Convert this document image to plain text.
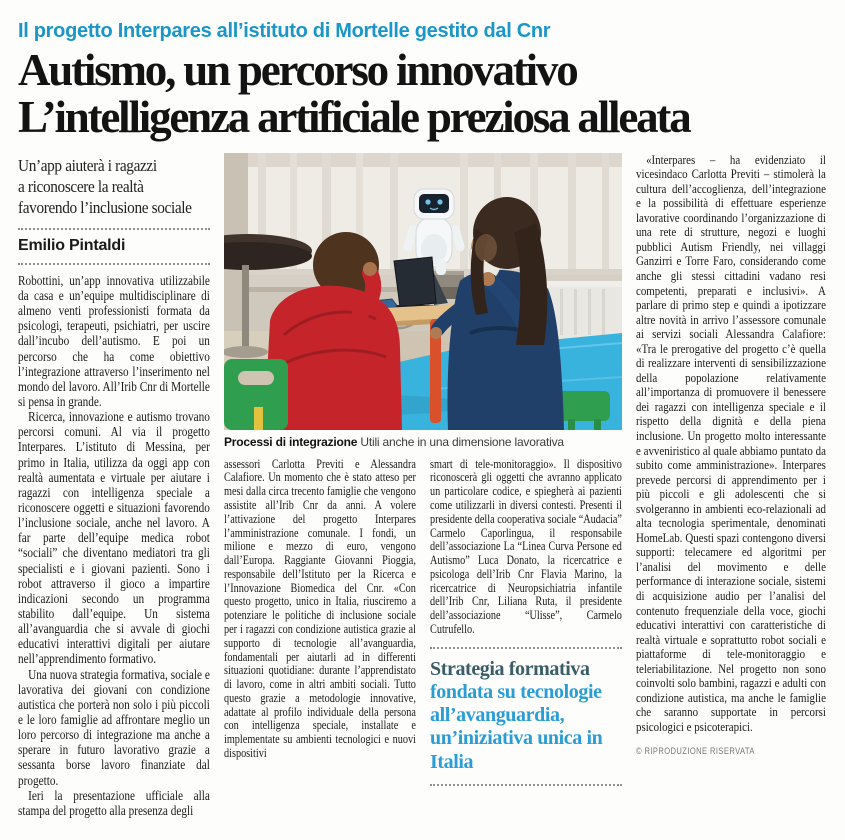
Il progetto Interpares all’istituto di Mortelle gestito dal Cnr
Autismo, un percorso innovativo
L’intelligenza artificiale preziosa alleata
Un’app aiuterà i ragazzi
a riconoscere la realtà
favorendo l’inclusione sociale
Emilio Pintaldi

Robottini, un’app innovativa utilizzabile da casa e un’equipe multidisciplinare di almeno venti professionisti formata da psicologi, terapeuti, psichiatri, per uscire dall’incubo dell’autismo. E poi un percorso che ha come obiettivo l’integrazione attraverso l’inserimento nel mondo del lavoro. All’Irib Cnr di Mortelle si pensa in grande.

Ricerca, innovazione e autismo trovano percorsi comuni. Al via il progetto Interpares. L’istituto di Messina, per primo in Italia, utilizza da oggi app con realtà aumentata e virtuale per aiutare i ragazzi con intelligenza speciale a riconoscere oggetti e situazioni favorendo l’inclusione sociale, anche nel lavoro. A far parte dell’equipe medica robot “sociali” che diventano mediatori tra gli specialisti e i giovani pazienti. Sono i robot attraverso il gioco a impartire indicazioni secondo un programma stabilito dall’equipe. Un sistema all’avanguardia che si avvale di giochi educativi interattivi digitali per aiutare nell’apprendimento formativo.

Una nuova strategia formativa, sociale e lavorativa dei giovani con condizione autistica che porterà non solo i più piccoli e le loro famiglie ad affrontare meglio un loro percorso di integrazione ma anche a sperare in futuro lavorativo grazie a sessanta borse lavoro finanziate dal progetto.

Ieri la presentazione ufficiale alla stampa del progetto alla presenza degli

Processi di integrazione Utili anche in una dimensione lavorativa

assessori Carlotta Previti e Alessandra Calafiore. Un momento che è stato atteso per mesi dalla circa trecento famiglie che vengono assistite all’Irib Cnr da anni. A volere l’attivazione del progetto Interpares l’amministrazione comunale. I fondi, un milione e mezzo di euro, vengono dall’Europa. Raggiante Giovanni Pioggia, responsabile dell’Istituto per la Ricerca e l’Innovazione Biomedica del Cnr. «Con questo progetto, unico in Italia, riusciremo a potenziare le politiche di inclusione sociale per i ragazzi con condizione autistica grazie al supporto di tecnologie all’avanguardia, fondamentali per aiutarli ad in differenti situazioni quotidiane: durante l’apprendistato di lavoro, come in altri ambiti sociali. Tutto questo grazie a metodologie innovative, adattate al profilo individuale della persona con intelligenza speciale, installate e implementate su ambienti tecnologici e nuovi dispositivi

smart di tele-monitoraggio». Il dispositivo riconoscerà gli oggetti che avranno applicato un particolare codice, e spiegherà ai pazienti come utilizzarli in diversi contesti. Presenti il presidente della cooperativa sociale “Audacia” Carmelo Caporlingua, il responsabile dell’associazione La “Linea Curva Persone ed Autismo” Luca Donato, la ricercatrice e psicologa dell’Irib Cnr Flavia Marino, la ricercatrice di Neuropsichiatria infantile dell’Irib Cnr, Liliana Ruta, il presidente dell’associazione “Ulisse”, Carmelo Cutrufello.

Strategia formativa
fondata su tecnologie all’avanguardia, un’iniziativa unica in Italia

«Interpares – ha evidenziato il vicesindaco Carlotta Previti – stimolerà la cultura dell’accoglienza, dell’integrazione e la possibilità di effettuare esperienze lavorative coordinando l’organizzazione di una rete di strutture, negozi e luoghi pubblici Autism Friendly, nei villaggi Ganzirri e Torre Faro, considerando come anche gli stessi cittadini vadano resi competenti, preparati e inclusivi». A parlare di primo step e quindi a ipotizzare altre novità in arrivo l’assessore comunale ai servizi sociali Alessandra Calafiore: «Tra le prerogative del progetto c’è quella di realizzare interventi di sensibilizzazione della popolazione relativamente all’importanza di promuovere il benessere dei ragazzi con intelligenza speciale e il rispetto della dignità e della piena inclusione. Un progetto molto interessante e avveniristico al quale abbiamo puntato da subito come amministrazione». Interpares prevede percorsi di apprendimento per i più piccoli e gli adolescenti che si svolgeranno in ambienti eco-relazionali ad alta tecnologia sperimentale, denominati HomeLab. Questi spazi contengono diversi supporti: telecamere ed algoritmi per l’analisi del movimento e delle performance di interazione sociale, sistemi di acquisizione audio per l’analisi del contenuto frequenziale della voce, giochi educativi interattivi con caratteristiche di realtà virtuale e soprattutto robot sociali e piattaforme di tele-monitoraggio e teleriabilitazione. Nel progetto non sono coinvolti solo bambini, ragazzi e adulti con condizione autistica, ma anche le famiglie che saranno supportate in percorsi psicologici e psicoterapici.

© RIPRODUZIONE RISERVATA
